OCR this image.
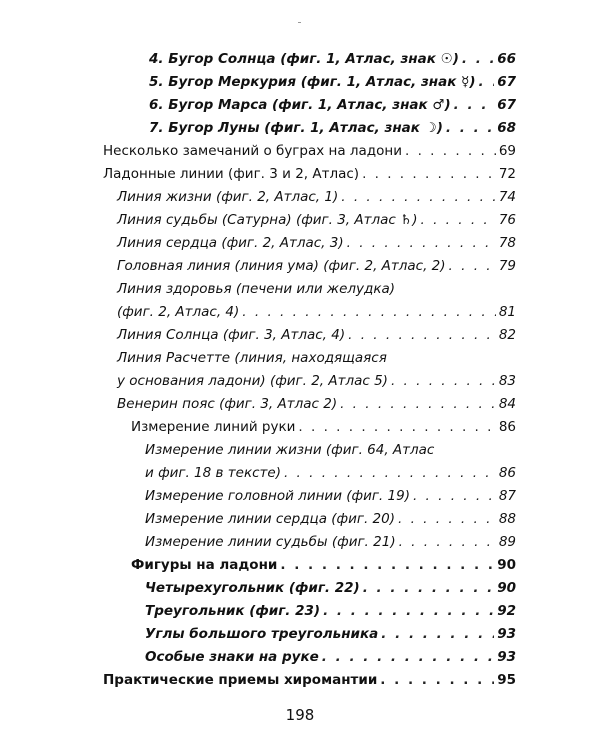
4. Бугор Солнца (фиг. 1, Атлас, знак ☉) . . .	66
5. Бугор Меркурия (фиг. 1, Атлас, знак ☿) . . . 67
6. Бугор Марса (фиг. 1, Атлас, знак ♂) . . .	67
7. Бугор Луны (фиг. 1, Атлас, знак ☽) . . .	68
Несколько замечаний о буграх на ладони . . .	69
Ладонные линии (фиг. 3 и 2, Атлас) . . .	72
Линия жизни (фиг. 2, Атлас, 1) . . .	74
Линия судьбы (Сатурна) (фиг. 3, Атлас ♄) . . .	76
Линия сердца (фиг. 2, Атлас, 3) . . .	78
Головная линия (линия ума) (фиг. 2, Атлас, 2) . . .	79
Линия здоровья (печени или желудка)
(фиг. 2, Атлас, 4) . . .	81
Линия Солнца (фиг. 3, Атлас, 4) . . .	82
Линия Расчетте (линия, находящаяся
у основания ладони) (фиг. 2, Атлас 5) . . .	83
Венерин пояс (фиг. 3, Атлас 2) . . .	84
Измерение линий руки . . .	86
Измерение линии жизни (фиг. 64, Атлас
и фиг. 18 в тексте) . . .	86
Измерение головной линии (фиг. 19) . . .	87
Измерение линии сердца (фиг. 20) . . .	88
Измерение линии судьбы (фиг. 21) . . .	89
Фигуры на ладони . . .	90
Четырехугольник (фиг. 22) . . .	90
Треугольник (фиг. 23) . . .	92
Углы большого треугольника . . .	93
Особые знаки на руке . . .	93
Практические приемы хиромантии . . .	95
198
